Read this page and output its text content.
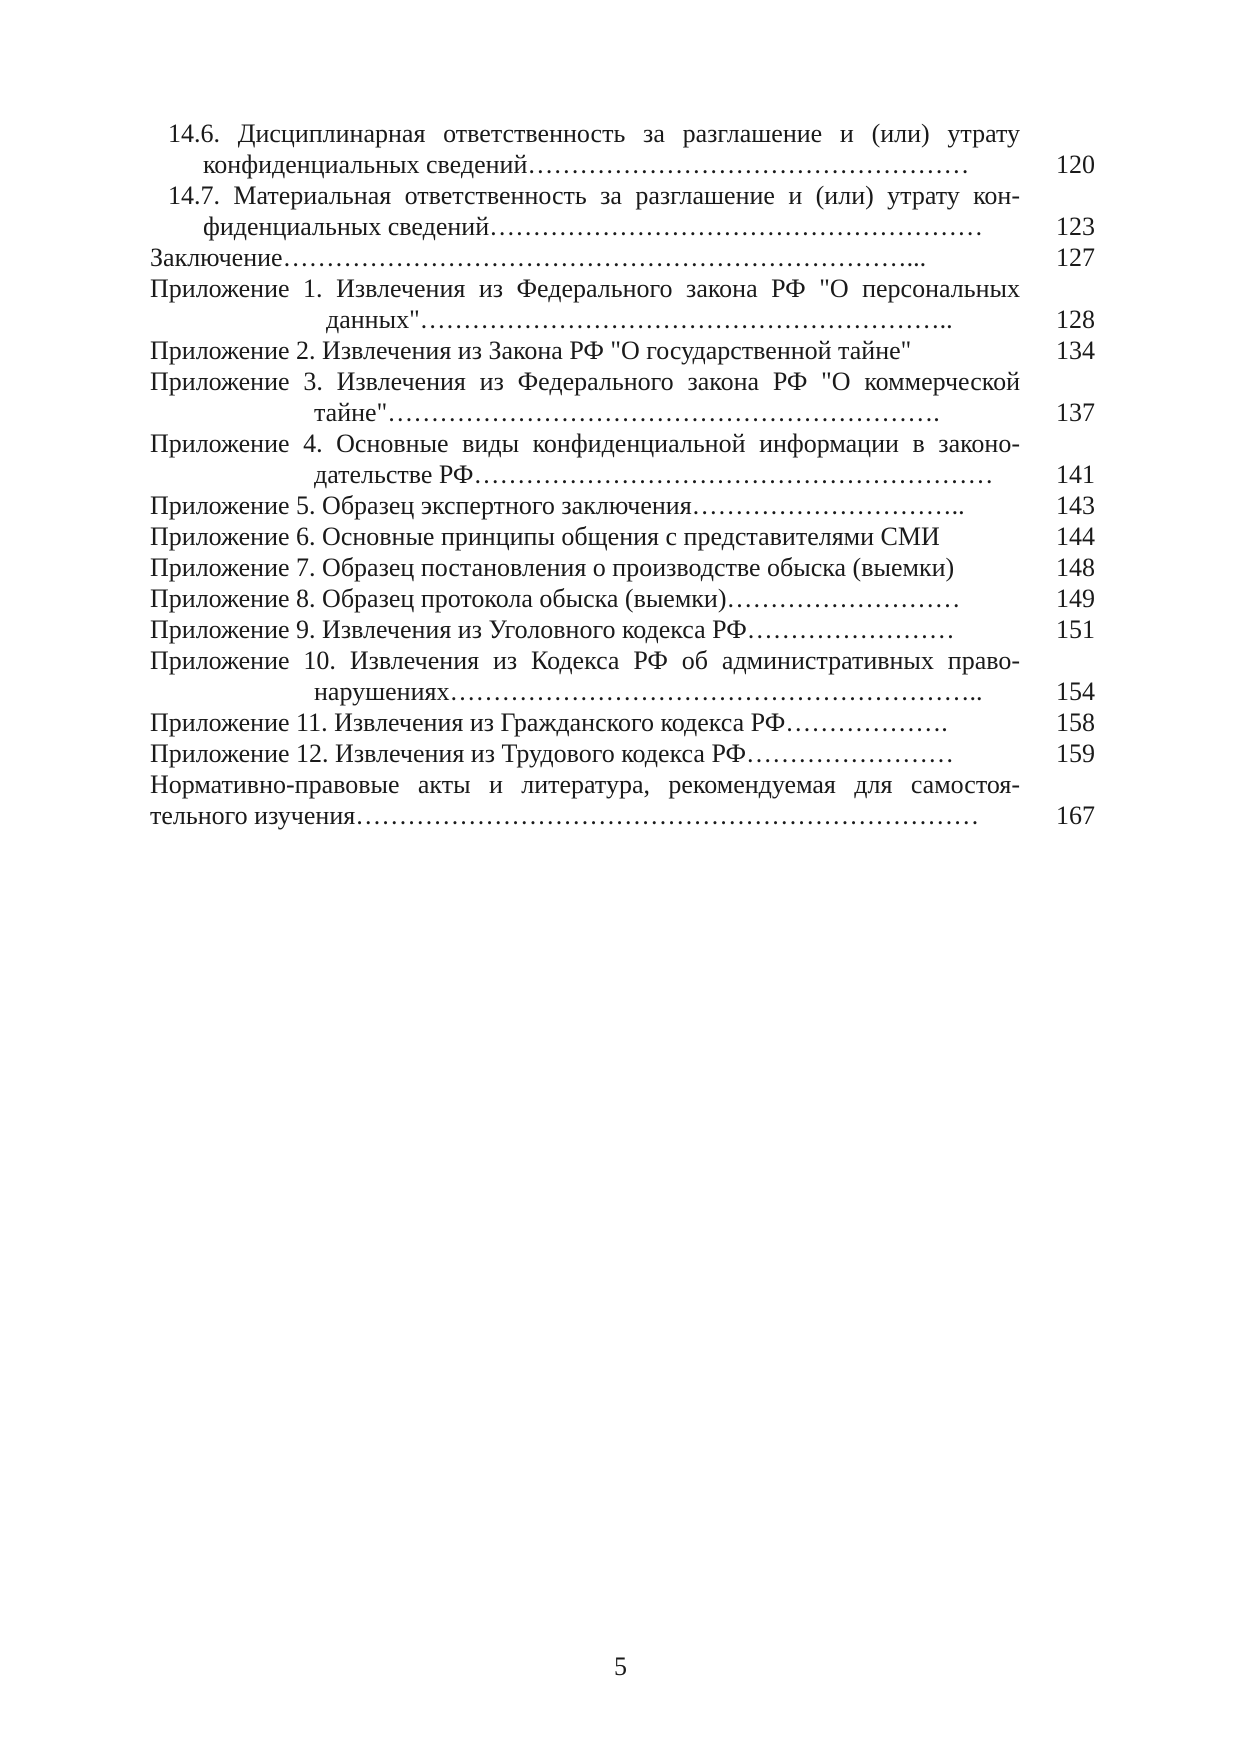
14.6. Дисциплинарная ответственность за разглашение и (или) утрату
конфиденциальных сведений……………………………………………	120
14.7. Материальная ответственность за разглашение и (или) утрату кон-
фиденциальных сведений…………………………………………………	123
Заключение………………………………………………………………...	127
Приложение 1. Извлечения из Федерального закона РФ "О персональных
данных"……………………………………………………..	128
Приложение 2. Извлечения из Закона РФ "О государственной тайне"	134
Приложение 3. Извлечения из Федерального закона РФ "О коммерческой
тайне"……………………………………………………….	137
Приложение 4. Основные виды конфиденциальной информации в законо-
дательстве РФ……………………………………………………	141
Приложение 5. Образец экспертного заключения…………………………..	143
Приложение 6. Основные принципы общения с представителями СМИ	144
Приложение 7. Образец постановления о производстве обыска (выемки)	148
Приложение 8. Образец протокола обыска (выемки)………………………	149
Приложение 9. Извлечения из Уголовного кодекса РФ……………………	151
Приложение 10. Извлечения из Кодекса РФ об административных право-
нарушениях……………………………………………………..	154
Приложение 11. Извлечения из Гражданского кодекса РФ……………….	158
Приложение 12. Извлечения из Трудового кодекса РФ……………………	159
Нормативно-правовые акты и литература, рекомендуемая для самостоя-
тельного изучения………………………………………………………………	167
5
